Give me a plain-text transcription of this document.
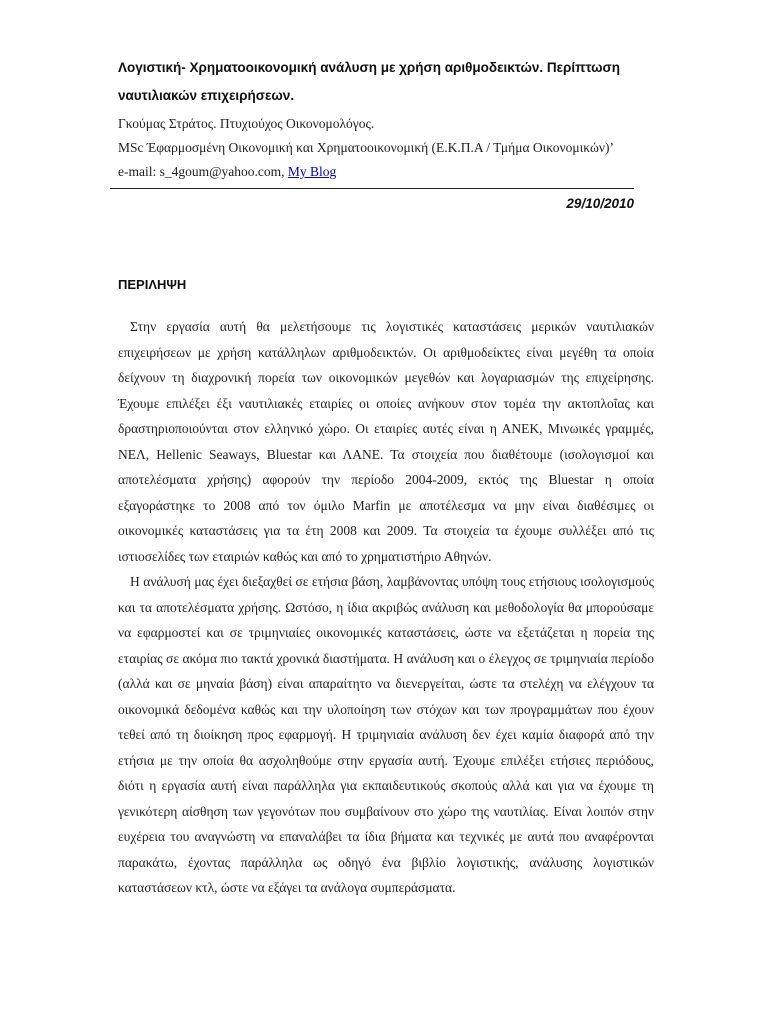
Λογιστική- Χρηματοοικονομική ανάλυση με χρήση αριθμοδεικτών. Περίπτωση ναυτιλιακών επιχειρήσεων.
Γκούμας Στράτος. Πτυχιούχος Οικονομολόγος.
MSc Έφαρμοσμένη Οικονομική και Χρηματοοικονομική (Ε.Κ.Π.Α / Τμήμα Οικονομικών)’
e-mail: s_4goum@yahoo.com, My Blog
29/10/2010
ΠΕΡΙΛΗΨΗ

Στην εργασία αυτή θα μελετήσουμε τις λογιστικές καταστάσεις μερικών ναυτιλιακών επιχειρήσεων με χρήση κατάλληλων αριθμοδεικτών. Οι αριθμοδείκτες είναι μεγέθη τα οποία δείχνουν τη διαχρονική πορεία των οικονομικών μεγεθών και λογαριασμών της επιχείρησης. Έχουμε επιλέξει έξι ναυτιλιακές εταιρίες οι οποίες ανήκουν στον τομέα την ακτοπλοΐας και δραστηριοποιούνται στον ελληνικό χώρο. Οι εταιρίες αυτές είναι η ΑΝΕΚ, Μινωικές γραμμές, ΝΕΛ, Hellenic Seaways, Bluestar και ΛΑΝΕ. Τα στοιχεία που διαθέτουμε (ισολογισμοί και αποτελέσματα χρήσης) αφορούν την περίοδο 2004-2009, εκτός της Bluestar η οποία εξαγοράστηκε το 2008 από τον όμιλο Marfin με αποτέλεσμα να μην είναι διαθέσιμες οι οικονομικές καταστάσεις για τα έτη 2008 και 2009. Τα στοιχεία τα έχουμε συλλέξει από τις ιστιοσελίδες των εταιριών καθώς και από το χρηματιστήριο Αθηνών.

Η ανάλυσή μας έχει διεξαχθεί σε ετήσια βάση, λαμβάνοντας υπόψη τους ετήσιους ισολογισμούς και τα αποτελέσματα χρήσης. Ωστόσο, η ίδια ακριβώς ανάλυση και μεθοδολογία θα μπορούσαμε να εφαρμοστεί και σε τριμηνιαίες οικονομικές καταστάσεις, ώστε να εξετάζεται η πορεία της εταιρίας σε ακόμα πιο τακτά χρονικά διαστήματα. Η ανάλυση και ο έλεγχος σε τριμηνιαία περίοδο (αλλά και σε μηναία βάση) είναι απαραίτητο να διενεργείται, ώστε τα στελέχη να ελέγχουν τα οικονομικά δεδομένα καθώς και την υλοποίηση των στόχων και των προγραμμάτων που έχουν τεθεί από τη διοίκηση προς εφαρμογή. Η τριμηνιαία ανάλυση δεν έχει καμία διαφορά από την ετήσια με την οποία θα ασχοληθούμε στην εργασία αυτή. Έχουμε επιλέξει ετήσιες περιόδους, διότι η εργασία αυτή είναι παράλληλα για εκπαιδευτικούς σκοπούς αλλά και για να έχουμε τη γενικότερη αίσθηση των γεγονότων που συμβαίνουν στο χώρο της ναυτιλίας. Είναι λοιπόν στην ευχέρεια του αναγνώστη να επαναλάβει τα ίδια βήματα και τεχνικές με αυτά που αναφέρονται παρακάτω, έχοντας παράλληλα ως οδηγό ένα βιβλίο λογιστικής, ανάλυσης λογιστικών καταστάσεων κτλ, ώστε να εξάγει τα ανάλογα συμπεράσματα.
